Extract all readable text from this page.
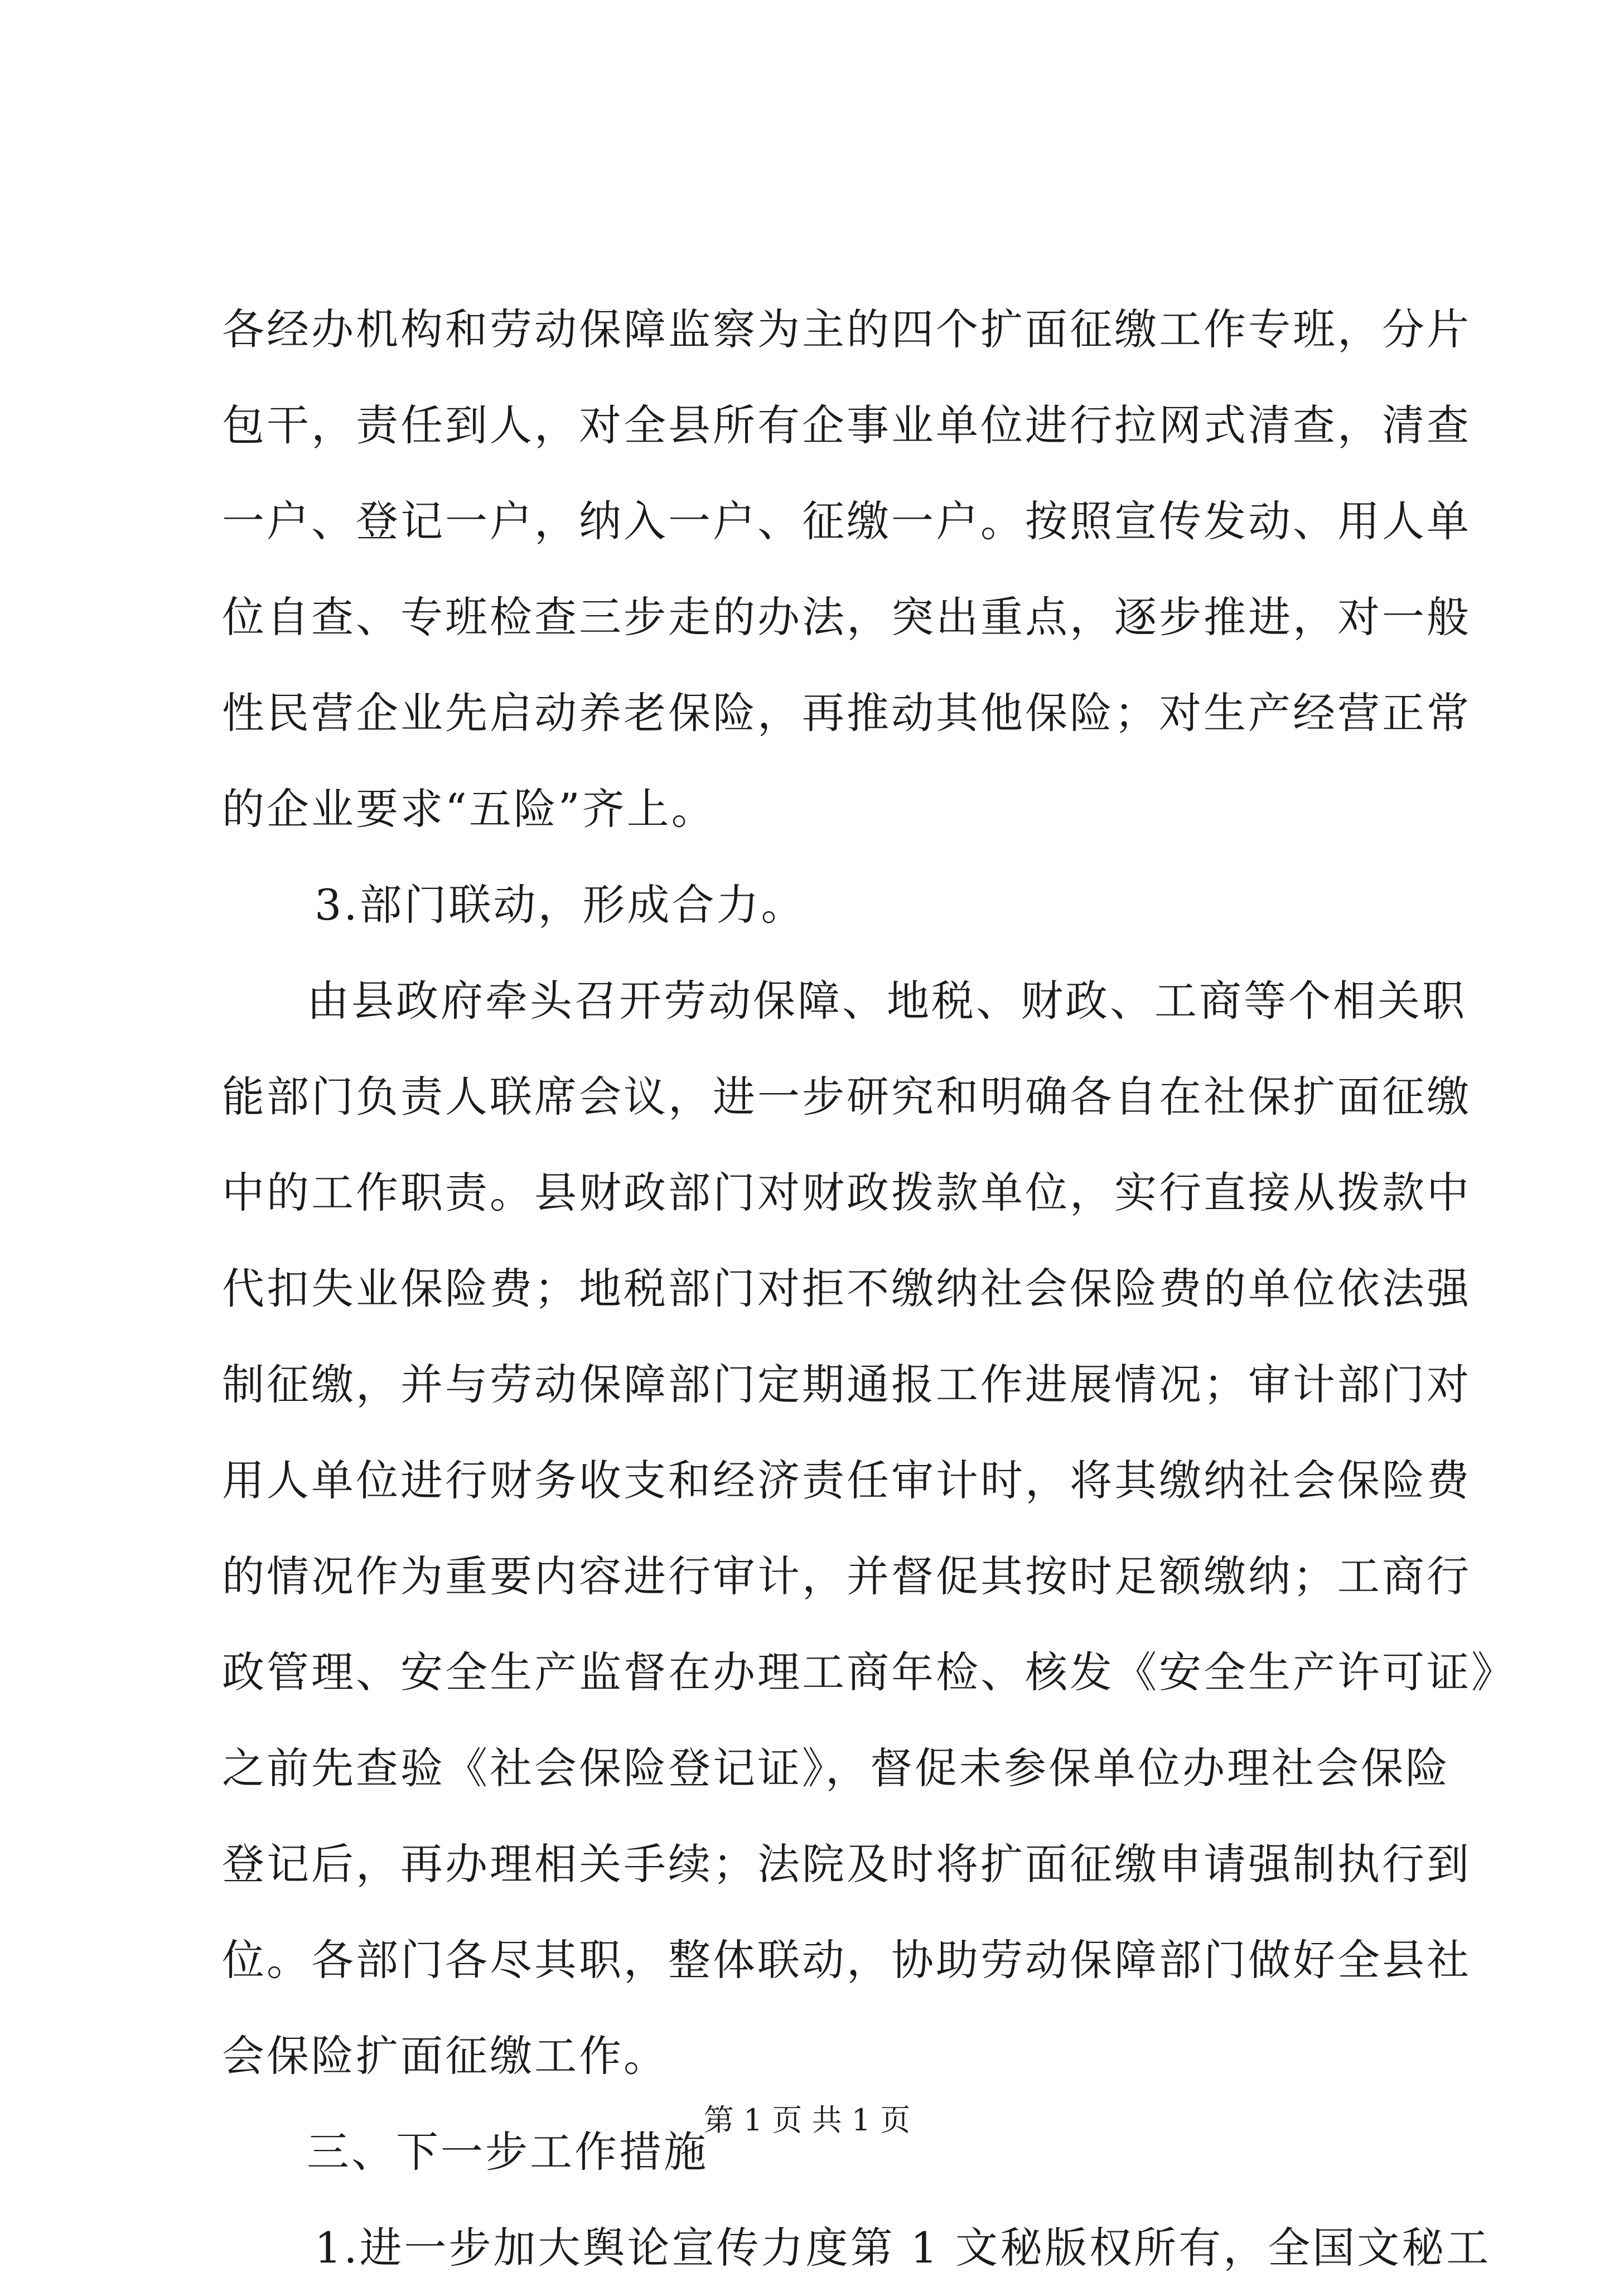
各经办机构和劳动保障监察为主的四个扩面征缴工作专班，分片
包干，责任到人，对全县所有企事业单位进行拉网式清查，清查
一户、登记一户，纳入一户、征缴一户。按照宣传发动、用人单
位自查、专班检查三步走的办法，突出重点，逐步推进，对一般
性民营企业先启动养老保险，再推动其他保险；对生产经营正常
的企业要求“五险”齐上。
3.部门联动，形成合力。
由县政府牵头召开劳动保障、地税、财政、工商等个相关职
能部门负责人联席会议，进一步研究和明确各自在社保扩面征缴
中的工作职责。县财政部门对财政拨款单位，实行直接从拨款中
代扣失业保险费；地税部门对拒不缴纳社会保险费的单位依法强
制征缴，并与劳动保障部门定期通报工作进展情况；审计部门对
用人单位进行财务收支和经济责任审计时，将其缴纳社会保险费
的情况作为重要内容进行审计，并督促其按时足额缴纳；工商行
政管理、安全生产监督在办理工商年检、核发《安全生产许可证》
之前先查验《社会保险登记证》，督促未参保单位办理社会保险
登记后，再办理相关手续；法院及时将扩面征缴申请强制执行到
位。各部门各尽其职，整体联动，协助劳动保障部门做好全县社
会保险扩面征缴工作。
三、下一步工作措施
1.进一步加大舆论宣传力度第 1 文秘版权所有，全国文秘工
第 1 页 共 1 页
